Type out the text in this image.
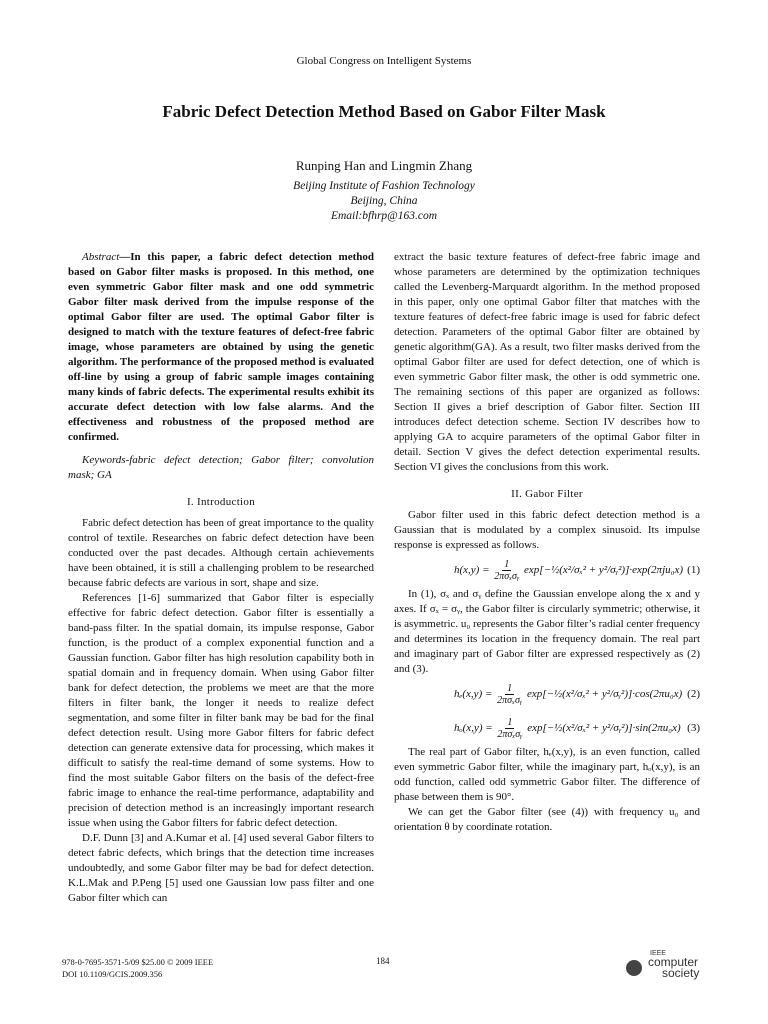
Global Congress on Intelligent Systems
Fabric Defect Detection Method Based on Gabor Filter Mask
Runping Han and Lingmin Zhang
Beijing Institute of Fashion Technology
Beijing, China
Email:bfhrp@163.com

Abstract—In this paper, a fabric defect detection method based on Gabor filter masks is proposed. In this method, one even symmetric Gabor filter mask and one odd symmetric Gabor filter mask derived from the impulse response of the optimal Gabor filter are used. The optimal Gabor filter is designed to match with the texture features of defect-free fabric image, whose parameters are obtained by using the genetic algorithm. The performance of the proposed method is evaluated off-line by using a group of fabric sample images containing many kinds of fabric defects. The experimental results exhibit its accurate defect detection with low false alarms. And the effectiveness and robustness of the proposed method are confirmed.

Keywords-fabric defect detection; Gabor filter; convolution mask; GA

I. Introduction

Fabric defect detection has been of great importance to the quality control of textile. Researches on fabric defect detection have been conducted over the past decades. Although certain achievements have been obtained, it is still a challenging problem to be researched because fabric defects are various in sort, shape and size.

References [1-6] summarized that Gabor filter is especially effective for fabric defect detection. Gabor filter is essentially a band-pass filter. In the spatial domain, its impulse response, Gabor function, is the product of a complex exponential function and a Gaussian function. Gabor filter has high resolution capability both in spatial domain and in frequency domain. When using Gabor filter bank for defect detection, the problems we meet are that the more filters in filter bank, the longer it needs to realize defect segmentation, and some filter in filter bank may be bad for the final defect detection result. Using more Gabor filters for fabric defect detection can generate extensive data for processing, which makes it difficult to satisfy the real-time demand of some systems. How to find the most suitable Gabor filters on the basis of the defect-free fabric image to enhance the real-time performance, adaptability and precision of detection method is an increasingly important research issue when using the Gabor filters for fabric defect detection.

D.F. Dunn [3] and A.Kumar et al. [4] used several Gabor filters to detect fabric defects, which brings that the detection time increases undoubtedly, and some Gabor filter may be bad for defect detection. K.L.Mak and P.Peng [5] used one Gaussian low pass filter and one Gabor filter which can

extract the basic texture features of defect-free fabric image and whose parameters are determined by the optimization techniques called the Levenberg-Marquardt algorithm. In the method proposed in this paper, only one optimal Gabor filter that matches with the texture features of defect-free fabric image is used for fabric defect detection. Parameters of the optimal Gabor filter are obtained by genetic algorithm(GA). As a result, two filter masks derived from the optimal Gabor filter are used for defect detection, one of which is even symmetric Gabor filter mask, the other is odd symmetric one. The remaining sections of this paper are organized as follows: Section II gives a brief description of Gabor filter. Section III introduces defect detection scheme. Section IV describes how to applying GA to acquire parameters of the optimal Gabor filter in detail. Section V gives the defect detection experimental results. Section VI gives the conclusions from this work.

II. Gabor Filter

Gabor filter used in this fabric defect detection method is a Gaussian that is modulated by a complex sinusoid. Its impulse response is expressed as follows.

$h(x,y) = \frac{1}{\text{2πσₓσᵧ}}$ exp[−½(x²/σₓ² + y²/σᵧ²)]·exp(2πju₀x) (1)

In (1), σₓ and σᵧ define the Gaussian envelope along the x and y axes. If σₓ = σᵧ, the Gabor filter is circularly symmetric; otherwise, it is asymmetric. u₀ represents the Gabor filter’s radial center frequency and determines its location in the frequency domain. The real part and imaginary part of Gabor filter are expressed respectively as (2) and (3).

$h_e(x,y) = \frac{1}{\text{2πσₓσᵧ}}$ exp[−½(x²/σₓ² + y²/σᵧ²)]·cos(2πu₀x) (2)
$h_o(x,y) = \frac{1}{\text{2πσₓσᵧ}}$ exp[−½(x²/σₓ² + y²/σᵧ²)]·sin(2πu₀x) (3)

The real part of Gabor filter, hₑ(x,y), is an even function, called even symmetric Gabor filter, while the imaginary part, hₒ(x,y), is an odd function, called odd symmetric Gabor filter. The difference of phase between them is 90°.

We can get the Gabor filter (see (4)) with frequency u₀ and orientation θ by coordinate rotation.

978-0-7695-3571-5/09 $25.00 © 2009 IEEE
DOI 10.1109/GCIS.2009.356
184
IEEE
computer
society
